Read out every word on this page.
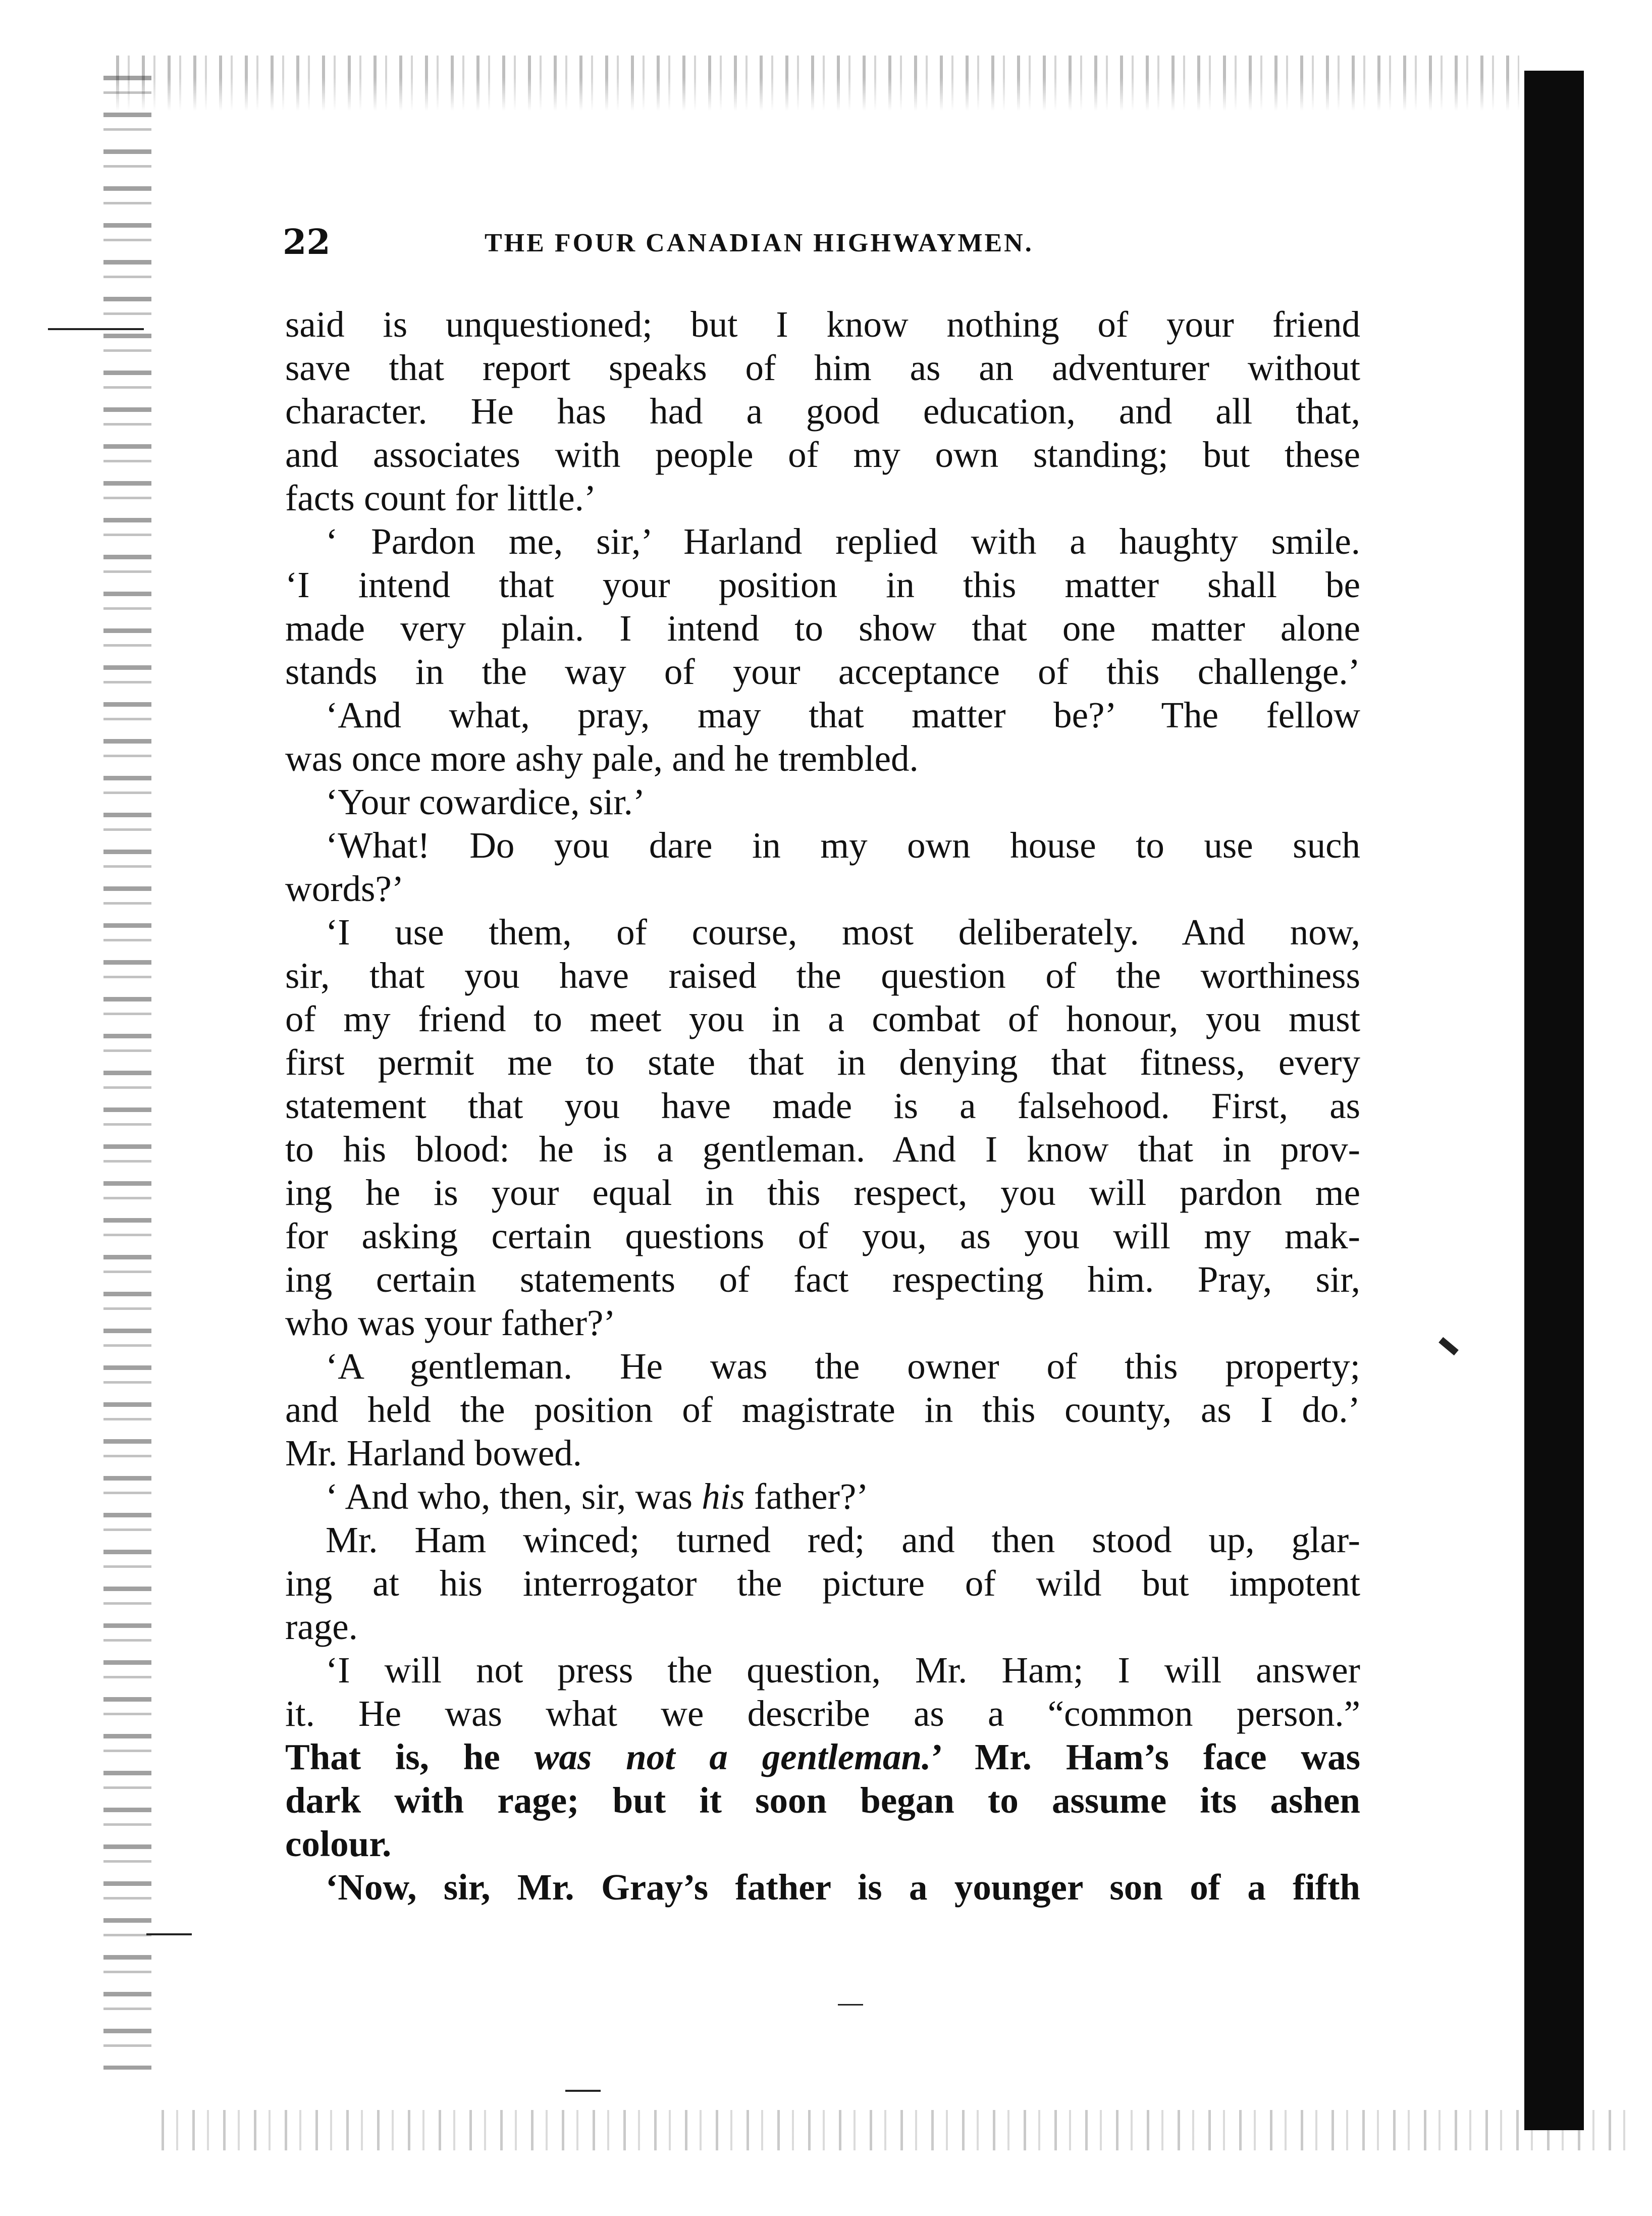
22	THE FOUR CANADIAN HIGHWAYMEN.
said is unquestioned; but I know nothing of your friend
save that report speaks of him as an adventurer without
character. He has had a good education, and all that,
and associates with people of my own standing; but these
facts count for little.’
‘ Pardon me, sir,’ Harland replied with a haughty smile.
‘I intend that your position in this matter shall be
made very plain. I intend to show that one matter alone
stands in the way of your acceptance of this challenge.’
‘And what, pray, may that matter be?’ The fellow
was once more ashy pale, and he trembled.
‘Your cowardice, sir.’
‘What! Do you dare in my own house to use such
words?’
‘I use them, of course, most deliberately. And now,
sir, that you have raised the question of the worthiness
of my friend to meet you in a combat of honour, you must
first permit me to state that in denying that fitness, every
statement that you have made is a falsehood. First, as
to his blood: he is a gentleman. And I know that in prov-
ing he is your equal in this respect, you will pardon me
for asking certain questions of you, as you will my mak-
ing certain statements of fact respecting him. Pray, sir,
who was your father?’
‘A gentleman. He was the owner of this property;
and held the position of magistrate in this county, as I do.’
Mr. Harland bowed.
‘ And who, then, sir, was his father?’
Mr. Ham winced; turned red; and then stood up, glar-
ing at his interrogator the picture of wild but impotent
rage.
‘I will not press the question, Mr. Ham; I will answer
it. He was what we describe as a “common person.”
That is, he was not a gentleman.’ Mr. Ham’s face was
dark with rage; but it soon began to assume its ashen
colour.
‘Now, sir, Mr. Gray’s father is a younger son of a fifth
